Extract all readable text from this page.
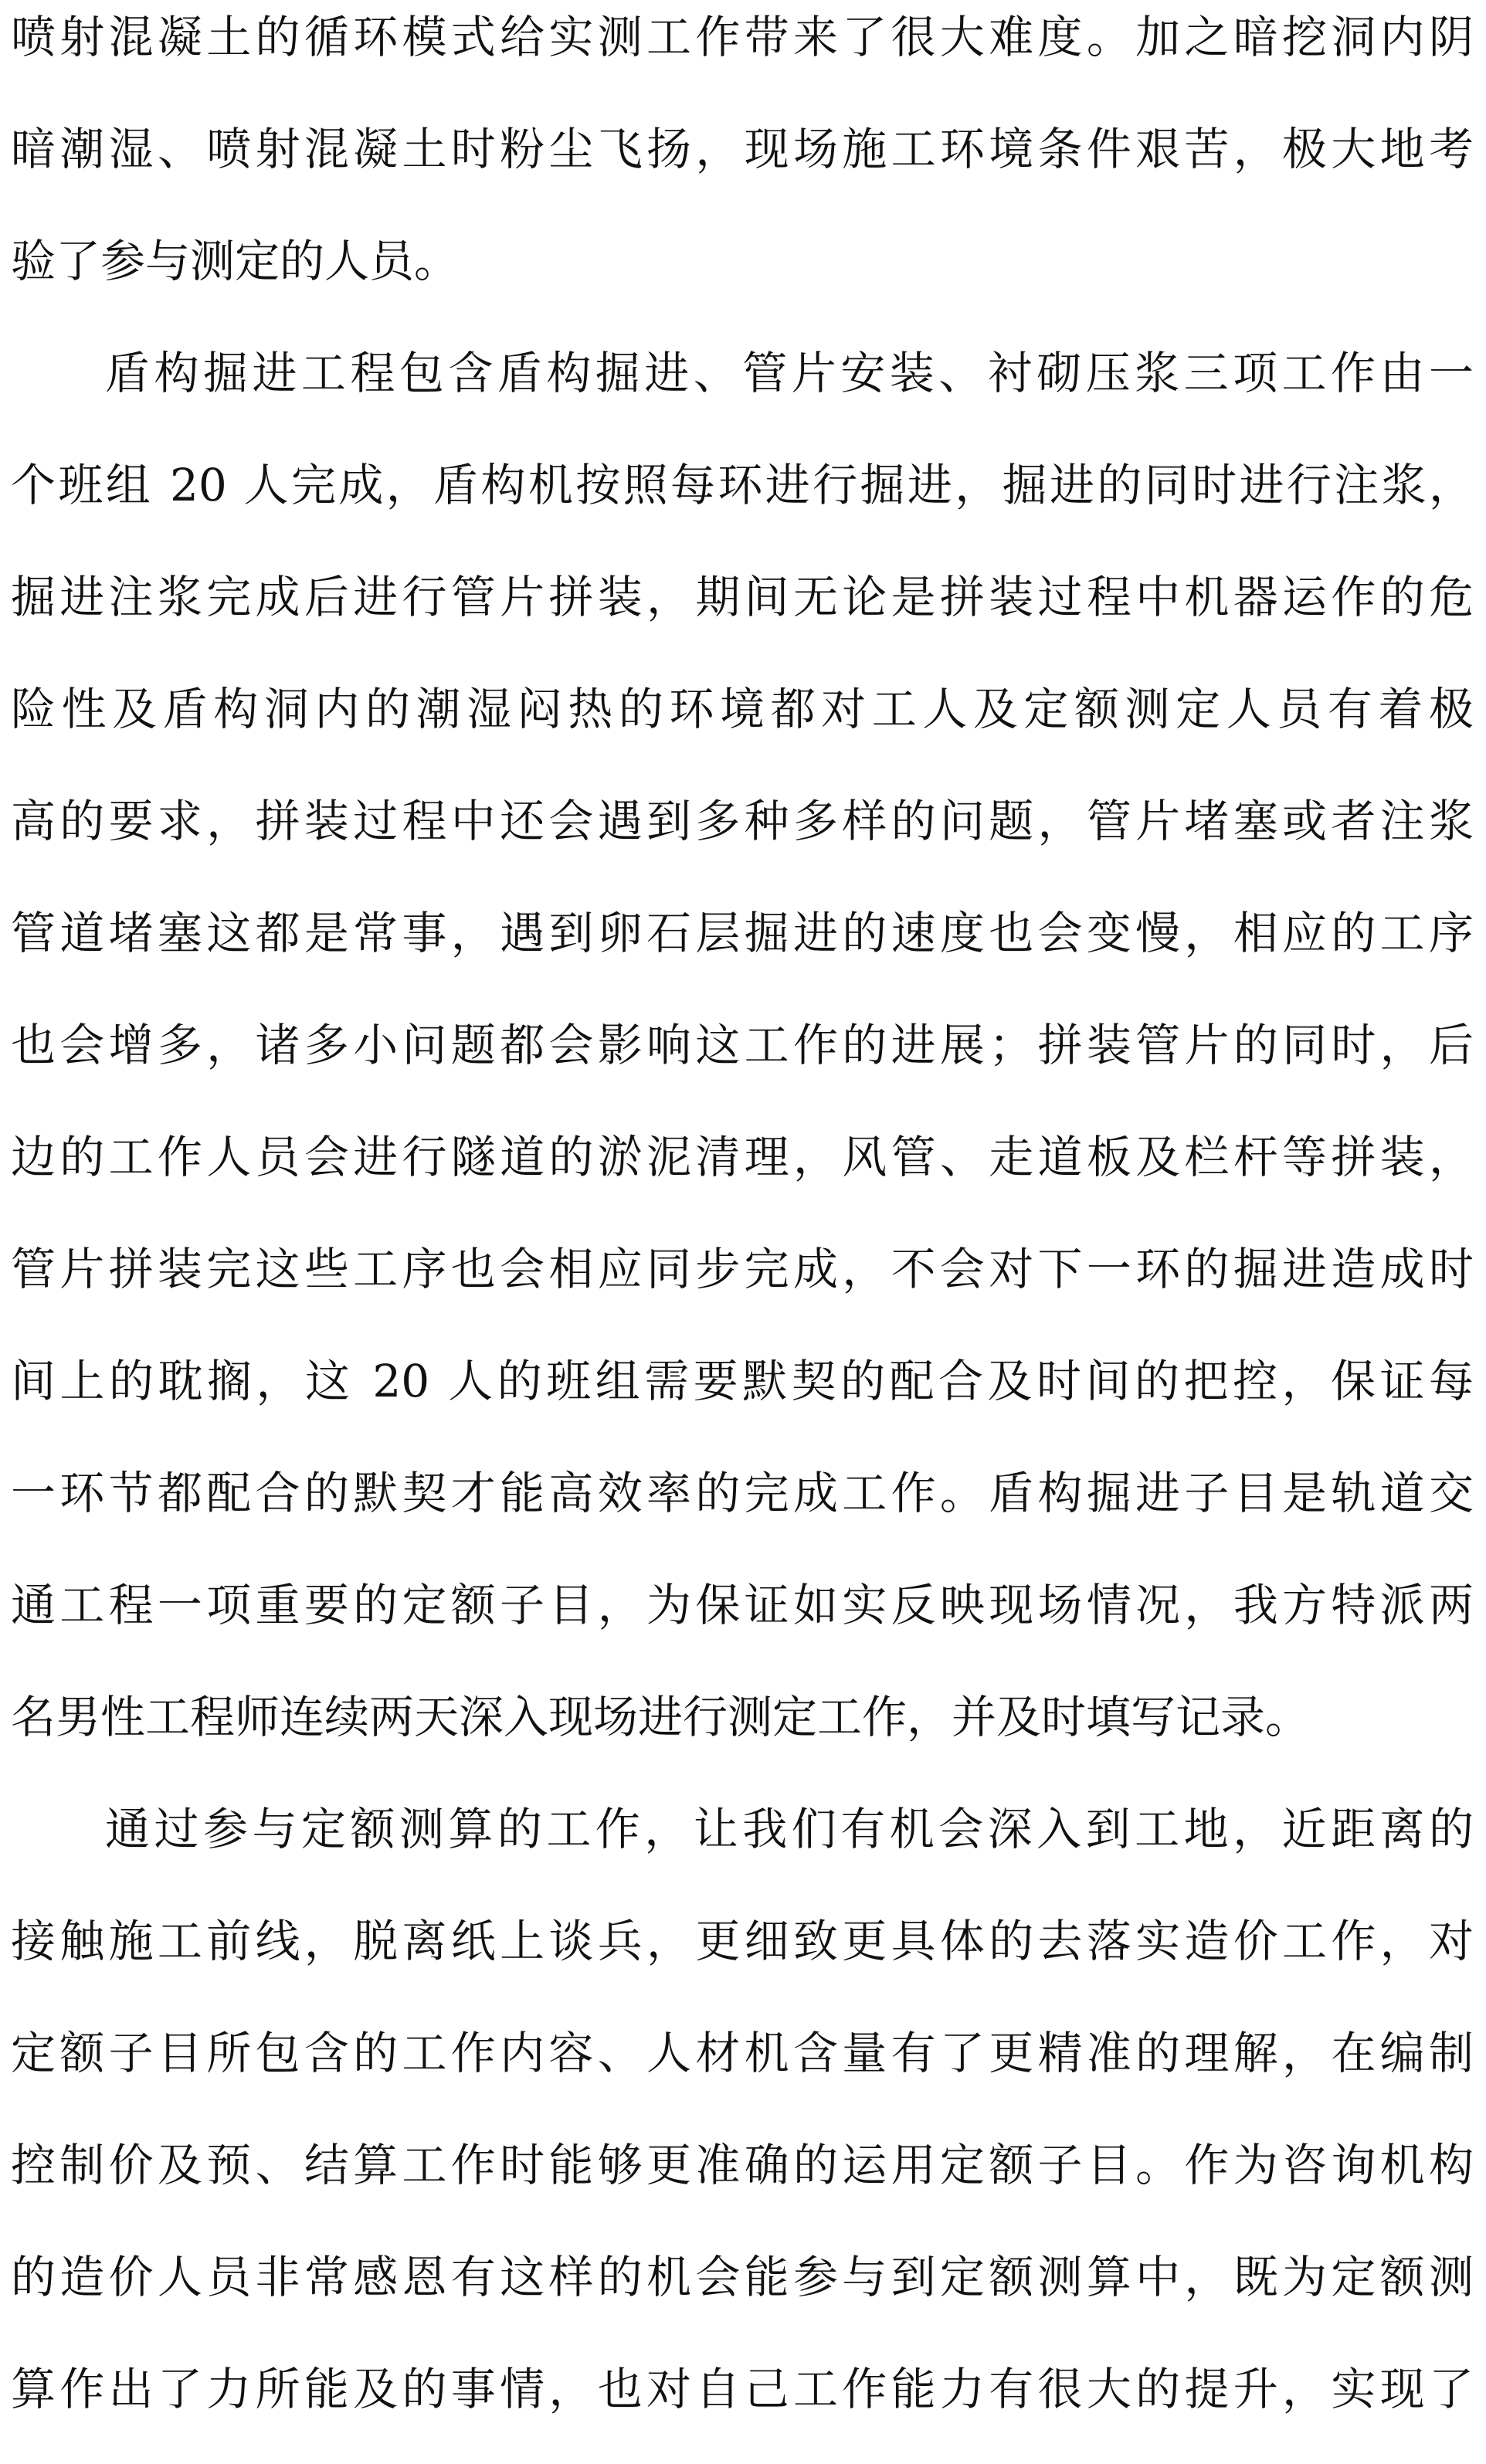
喷射混凝土的循环模式给实测工作带来了很大难度。加之暗挖洞内阴
暗潮湿、喷射混凝土时粉尘飞扬，现场施工环境条件艰苦，极大地考
验了参与测定的人员。
盾构掘进工程包含盾构掘进、管片安装、衬砌压浆三项工作由一
个班组 20 人完成，盾构机按照每环进行掘进，掘进的同时进行注浆，
掘进注浆完成后进行管片拼装，期间无论是拼装过程中机器运作的危
险性及盾构洞内的潮湿闷热的环境都对工人及定额测定人员有着极
高的要求，拼装过程中还会遇到多种多样的问题，管片堵塞或者注浆
管道堵塞这都是常事，遇到卵石层掘进的速度也会变慢，相应的工序
也会增多，诸多小问题都会影响这工作的进展；拼装管片的同时，后
边的工作人员会进行隧道的淤泥清理，风管、走道板及栏杆等拼装，
管片拼装完这些工序也会相应同步完成，不会对下一环的掘进造成时
间上的耽搁，这 20 人的班组需要默契的配合及时间的把控，保证每
一环节都配合的默契才能高效率的完成工作。盾构掘进子目是轨道交
通工程一项重要的定额子目，为保证如实反映现场情况，我方特派两
名男性工程师连续两天深入现场进行测定工作，并及时填写记录。
通过参与定额测算的工作，让我们有机会深入到工地，近距离的
接触施工前线，脱离纸上谈兵，更细致更具体的去落实造价工作，对
定额子目所包含的工作内容、人材机含量有了更精准的理解，在编制
控制价及预、结算工作时能够更准确的运用定额子目。作为咨询机构
的造价人员非常感恩有这样的机会能参与到定额测算中，既为定额测
算作出了力所能及的事情，也对自己工作能力有很大的提升，实现了
